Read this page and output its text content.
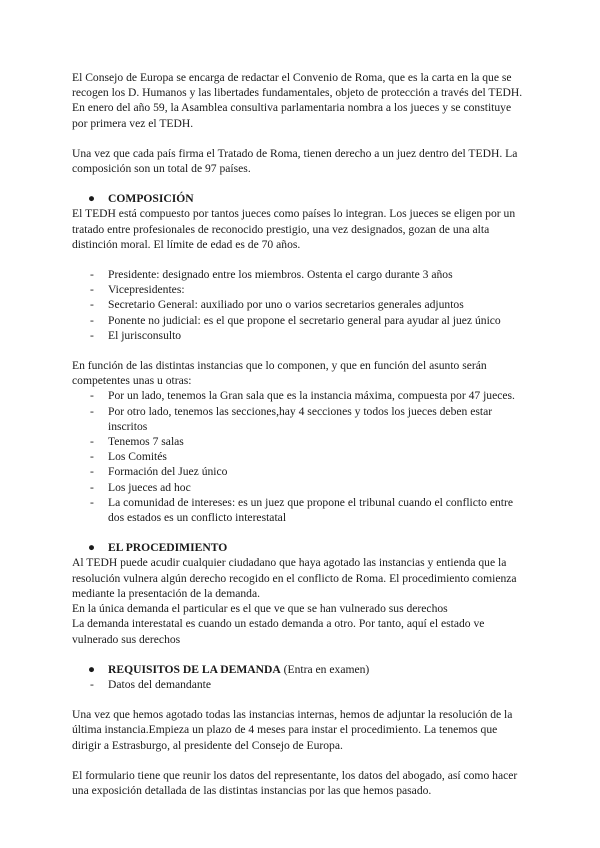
El Consejo de Europa se encarga de redactar el Convenio de Roma, que es la carta en la que se recogen los D. Humanos y las libertades fundamentales, objeto de protección a través del TEDH. En enero del año 59, la Asamblea consultiva parlamentaria nombra a los jueces y se constituye por primera vez el TEDH.

Una vez que cada país firma el Tratado de Roma, tienen derecho a un juez dentro del TEDH. La composición son un total de 97 países.

● COMPOSICIÓN

El TEDH está compuesto por tantos jueces como países lo integran. Los jueces se eligen por un tratado entre profesionales de reconocido prestigio, una vez designados, gozan de una alta distinción moral. El límite de edad es de 70 años.

- Presidente: designado entre los miembros. Ostenta el cargo durante 3 años
- Vicepresidentes:
- Secretario General: auxiliado por uno o varios secretarios generales adjuntos
- Ponente no judicial: es el que propone el secretario general para ayudar al juez único
- El jurisconsulto

En función de las distintas instancias que lo componen, y que en función del asunto serán competentes unas u otras:

- Por un lado, tenemos la Gran sala que es la instancia máxima, compuesta por 47 jueces.
- Por otro lado, tenemos las secciones,hay 4 secciones y todos los jueces deben estar inscritos
- Tenemos 7 salas
- Los Comités
- Formación del Juez único
- Los jueces ad hoc
- La comunidad de intereses: es un juez que propone el tribunal cuando el conflicto entre dos estados es un conflicto interestatal

● EL PROCEDIMIENTO

Al TEDH puede acudir cualquier ciudadano que haya agotado las instancias y entienda que la resolución vulnera algún derecho recogido en el conflicto de Roma. El procedimiento comienza mediante la presentación de la demanda.

En la única demanda el particular es el que ve que se han vulnerado sus derechos

La demanda interestatal es cuando un estado demanda a otro. Por tanto, aquí el estado ve vulnerado sus derechos

● REQUISITOS DE LA DEMANDA (Entra en examen)

- Datos del demandante

Una vez que hemos agotado todas las instancias internas, hemos de adjuntar la resolución de la última instancia.Empieza un plazo de 4 meses para instar el procedimiento. La tenemos que dirigir a Estrasburgo, al presidente del Consejo de Europa.

El formulario tiene que reunir los datos del representante, los datos del abogado, así como hacer una exposición detallada de las distintas instancias por las que hemos pasado.
